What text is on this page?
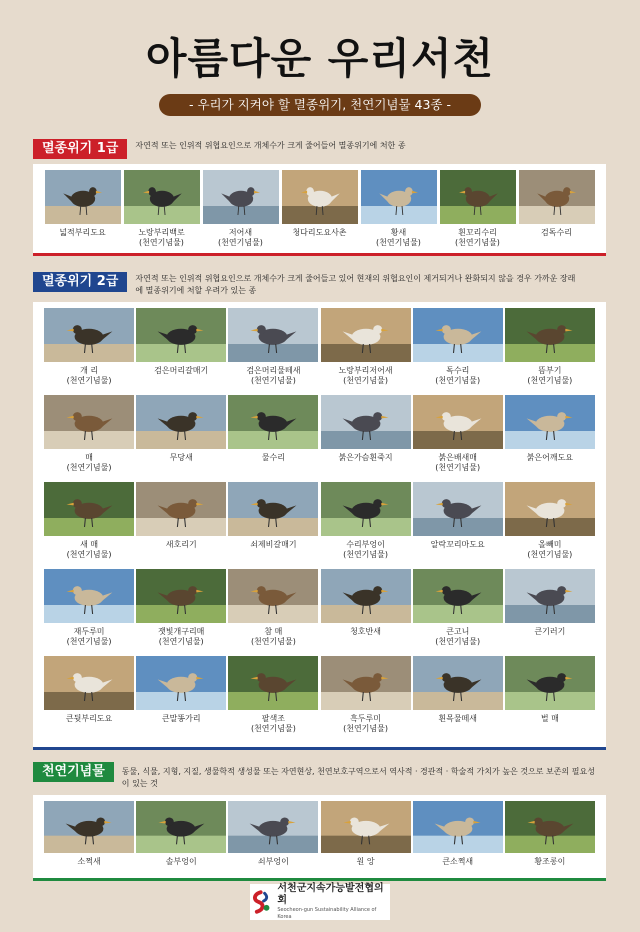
아름다운 우리서천
- 우리가 지켜야 할 멸종위기, 천연기념물 43종 -
멸종위기 1급	자연적 또는 인위적 위협요인으로 개체수가 크게 줄어들어 멸종위기에 처한 종
넓적부리도요	노랑부리백로
(천연기념물)
저어새
(천연기념물)
청다리도요사촌	황새
(천연기념물)
흰꼬리수리
(천연기념물)
검독수리
멸종위기 2급	자연적 또는 인위적 위협요인으로 개체수가 크게 줄어들고 있어 현재의 위협요인이 제거되거나 완화되지 않을 경우 가까운 장래에 멸종위기에 처할 우려가 있는 종
개 리
(천연기념물)
검은머리갈매기	검은머리물떼새
(천연기념물)
노랑부리저어새
(천연기념물)
독수리
(천연기념물)
뜸부기
(천연기념물)
매
(천연기념물)
무당새	물수리	붉은가슴흰죽지	붉은배새매
(천연기념물)
붉은어깨도요
새 매
(천연기념물)
새호리기	쇠제비갈매기	수리부엉이
(천연기념물)
알락꼬리마도요	올빼미
(천연기념물)
재두루미
(천연기념물)
잿빛개구리매
(천연기념물)
참 매
(천연기념물)
청호반새	큰고니
(천연기념물)
큰기러기
큰뒷부리도요	큰말똥가리	팔색조
(천연기념물)
흑두루미
(천연기념물)
흰목물떼새	벌 매
천연기념물	동물, 식물, 지형, 지질, 생물학적 생성물 또는 자연현상, 천연보호구역으로서 역사적 · 경관적 · 학술적 가치가 높은 것으로 보존의 필요성이 있는 것
소쩍새	솔부엉이	쇠부엉이	원 앙	큰소쩍새	황조롱이
서천군지속가능발전협의회
Seocheon-gun Sustainability Alliance of Korea
